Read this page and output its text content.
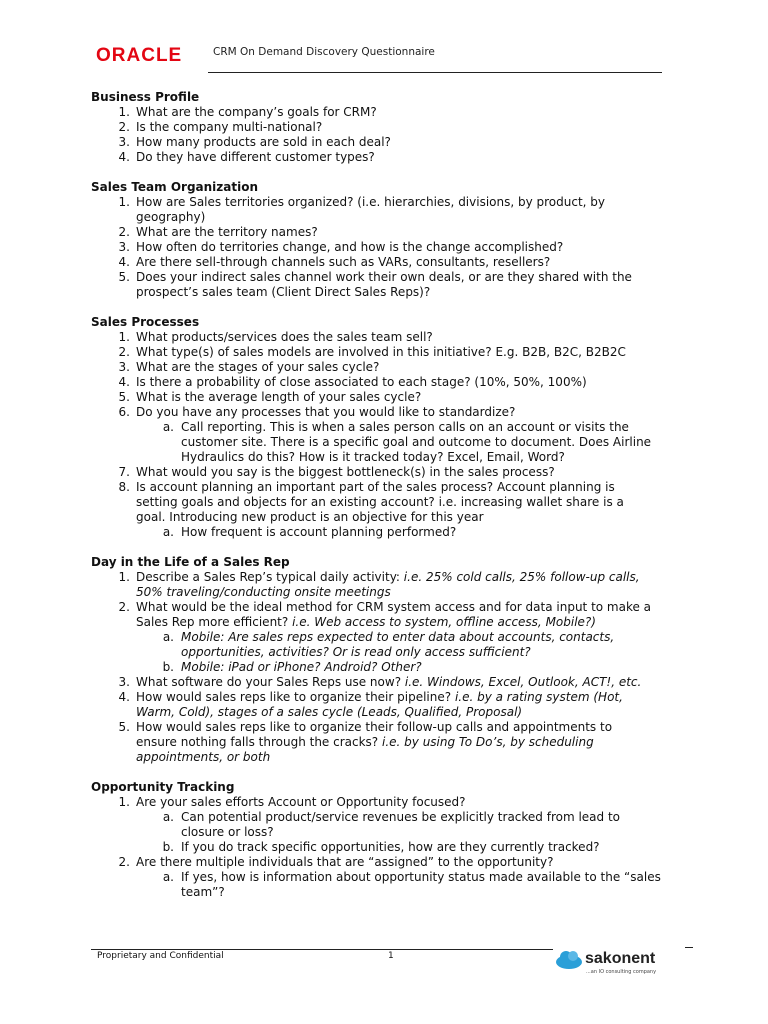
ORACLE	CRM On Demand Discovery Questionnaire
Business Profile
1. What are the company’s goals for CRM?
2. Is the company multi-national?
3. How many products are sold in each deal?
4. Do they have different customer types?
Sales Team Organization
1. How are Sales territories organized? (i.e. hierarchies, divisions, by product, by geography)
2. What are the territory names?
3. How often do territories change, and how is the change accomplished?
4. Are there sell-through channels such as VARs, consultants, resellers?
5. Does your indirect sales channel work their own deals, or are they shared with the prospect’s sales team (Client Direct Sales Reps)?
Sales Processes
1. What products/services does the sales team sell?
2. What type(s) of sales models are involved in this initiative? E.g. B2B, B2C, B2B2C
3. What are the stages of your sales cycle?
4. Is there a probability of close associated to each stage? (10%, 50%, 100%)
5. What is the average length of your sales cycle?
6. Do you have any processes that you would like to standardize?
a. Call reporting. This is when a sales person calls on an account or visits the customer site. There is a specific goal and outcome to document. Does Airline Hydraulics do this? How is it tracked today? Excel, Email, Word?
7. What would you say is the biggest bottleneck(s) in the sales process?
8. Is account planning an important part of the sales process? Account planning is setting goals and objects for an existing account? i.e. increasing wallet share is a goal. Introducing new product is an objective for this year
a. How frequent is account planning performed?
Day in the Life of a Sales Rep
1. Describe a Sales Rep’s typical daily activity: i.e. 25% cold calls, 25% follow-up calls, 50% traveling/conducting onsite meetings
2. What would be the ideal method for CRM system access and for data input to make a Sales Rep more efficient? i.e. Web access to system, offline access, Mobile?)
a. Mobile: Are sales reps expected to enter data about accounts, contacts, opportunities, activities? Or is read only access sufficient?
b. Mobile: iPad or iPhone? Android? Other?
3. What software do your Sales Reps use now? i.e. Windows, Excel, Outlook, ACT!, etc.
4. How would sales reps like to organize their pipeline? i.e. by a rating system (Hot, Warm, Cold), stages of a sales cycle (Leads, Qualified, Proposal)
5. How would sales reps like to organize their follow-up calls and appointments to ensure nothing falls through the cracks? i.e. by using To Do’s, by scheduling appointments, or both
Opportunity Tracking
1. Are your sales efforts Account or Opportunity focused?
a. Can potential product/service revenues be explicitly tracked from lead to closure or loss?
b. If you do track specific opportunities, how are they currently tracked?
2. Are there multiple individuals that are “assigned” to the opportunity?
a. If yes, how is information about opportunity status made available to the “sales team”?
Proprietary and Confidential	1	sakonent
...an IO consulting company
